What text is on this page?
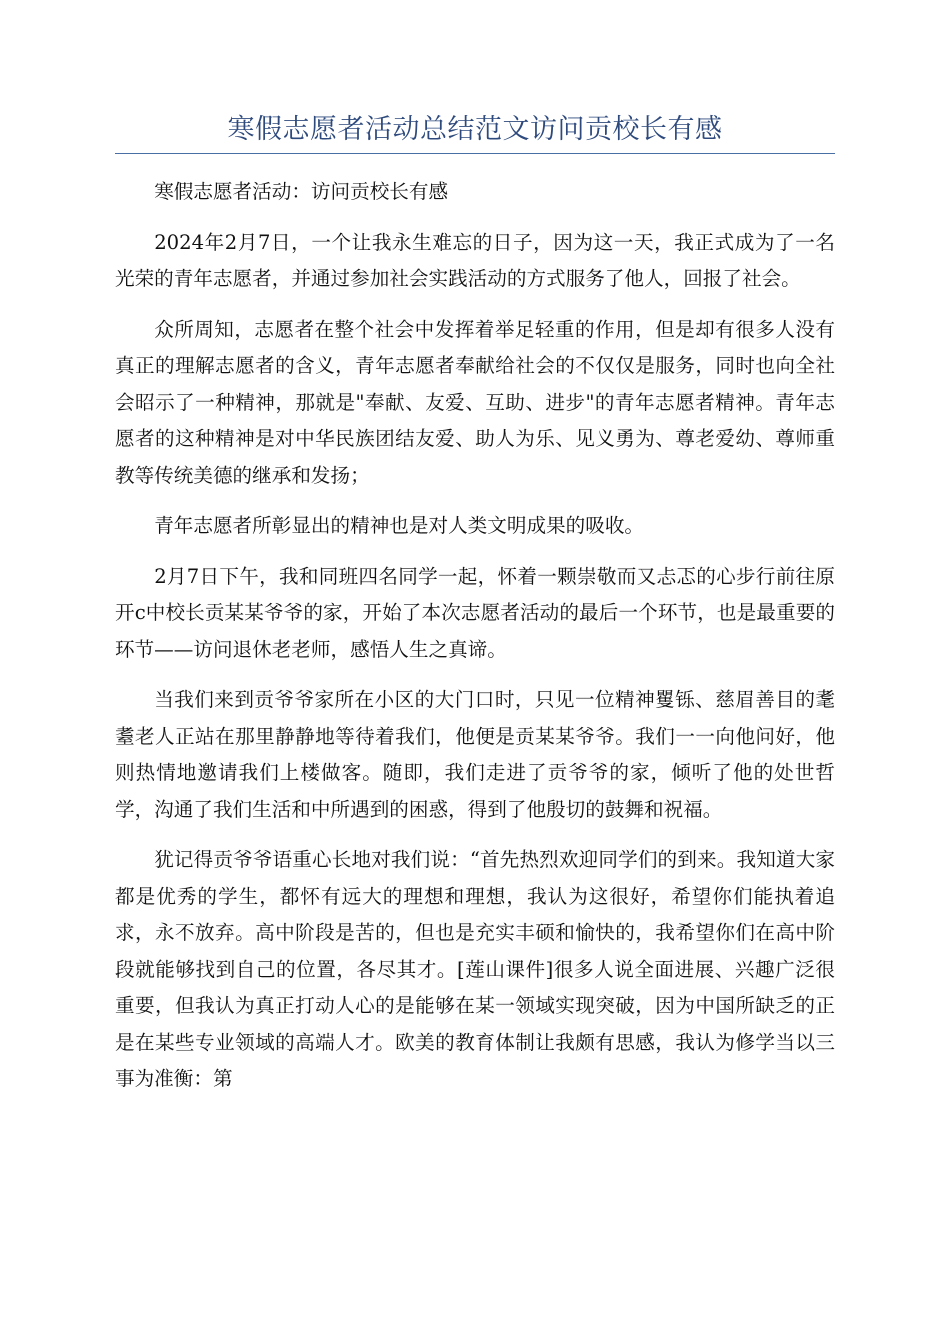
寒假志愿者活动总结范文访问贡校长有感

寒假志愿者活动：访问贡校长有感

2024年2月7日，一个让我永生难忘的日子，因为这一天，我正式成为了一名光荣的青年志愿者，并通过参加社会实践活动的方式服务了他人，回报了社会。

众所周知，志愿者在整个社会中发挥着举足轻重的作用，但是却有很多人没有真正的理解志愿者的含义，青年志愿者奉献给社会的不仅仅是服务，同时也向全社会昭示了一种精神，那就是"奉献、友爱、互助、进步"的青年志愿者精神。青年志愿者的这种精神是对中华民族团结友爱、助人为乐、见义勇为、尊老爱幼、尊师重教等传统美德的继承和发扬；

青年志愿者所彰显出的精神也是对人类文明成果的吸收。

2月7日下午，我和同班四名同学一起，怀着一颗崇敬而又忐忑的心步行前往原开c中校长贡某某爷爷的家，开始了本次志愿者活动的最后一个环节，也是最重要的环节——访问退休老老师，感悟人生之真谛。

当我们来到贡爷爷家所在小区的大门口时，只见一位精神矍铄、慈眉善目的耄耋老人正站在那里静静地等待着我们，他便是贡某某爷爷。我们一一向他问好，他则热情地邀请我们上楼做客。随即，我们走进了贡爷爷的家，倾听了他的处世哲学，沟通了我们生活和中所遇到的困惑，得到了他殷切的鼓舞和祝福。

犹记得贡爷爷语重心长地对我们说：“首先热烈欢迎同学们的到来。我知道大家都是优秀的学生，都怀有远大的理想和理想，我认为这很好，希望你们能执着追求，永不放弃。高中阶段是苦的，但也是充实丰硕和愉快的，我希望你们在高中阶段就能够找到自己的位置，各尽其才。[莲山课件]很多人说全面进展、兴趣广泛很重要，但我认为真正打动人心的是能够在某一领域实现突破，因为中国所缺乏的正是在某些专业领域的高端人才。欧美的教育体制让我颇有思感，我认为修学当以三事为准衡：第
